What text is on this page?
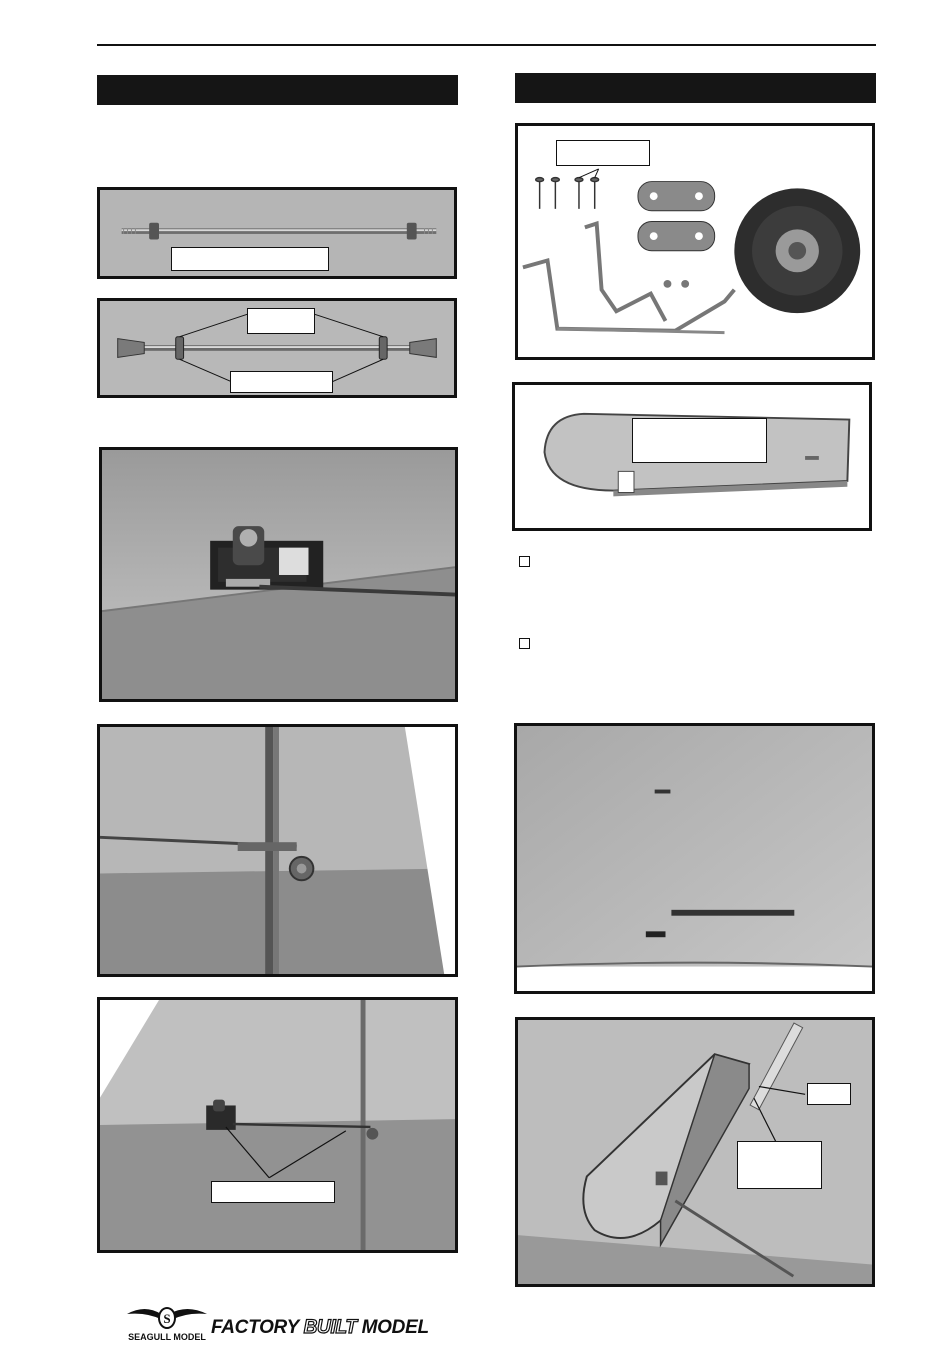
S
SEAGULL MODEL FACTORY BUILT MODEL
